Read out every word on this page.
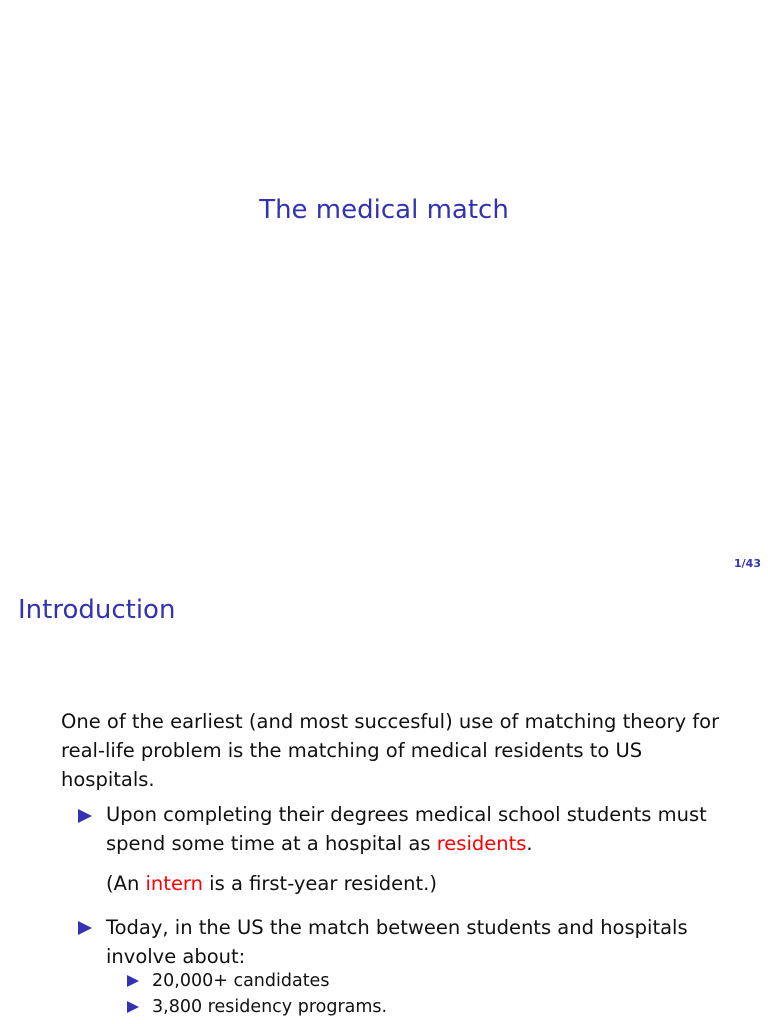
The medical match
1/43
Introduction
One of the earliest (and most succesful) use of matching theory for real-life problem is the matching of medical residents to US hospitals.
Upon completing their degrees medical school students must spend some time at a hospital as residents.
(An intern is a first-year resident.)
Today, in the US the match between students and hospitals involve about:
20,000+ candidates
3,800 residency programs.
